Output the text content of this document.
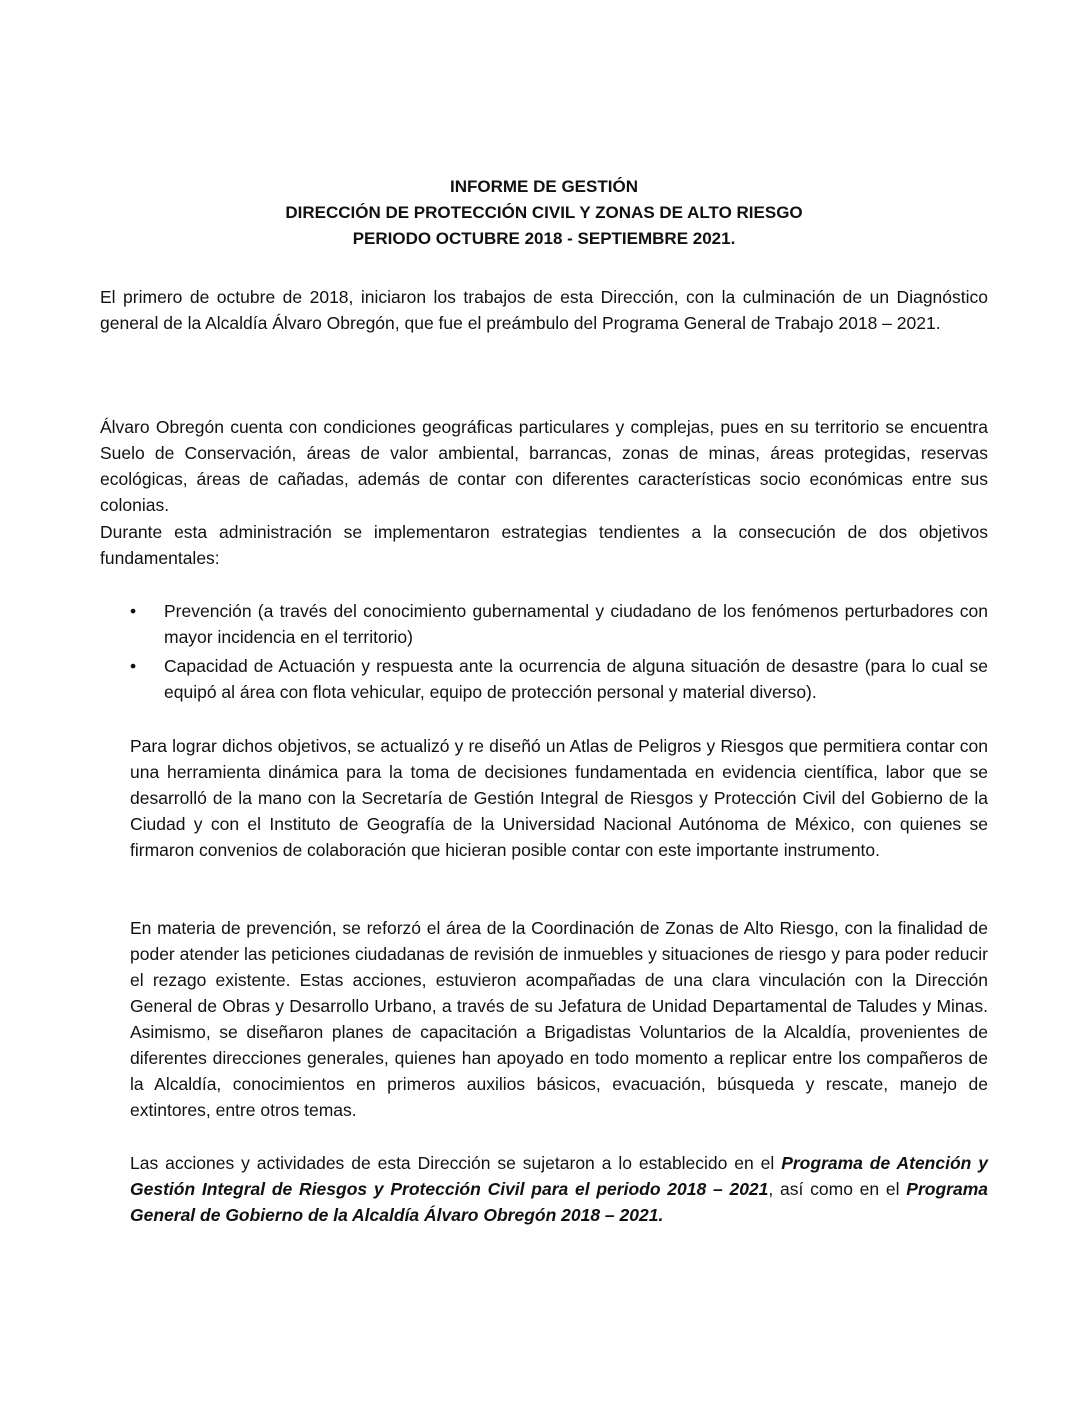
INFORME DE GESTIÓN
DIRECCIÓN DE PROTECCIÓN CIVIL Y ZONAS DE ALTO RIESGO
PERIODO OCTUBRE 2018 - SEPTIEMBRE 2021.

El primero de octubre de 2018, iniciaron los trabajos de esta Dirección, con la culminación de un Diagnóstico general de la Alcaldía Álvaro Obregón, que fue el preámbulo del Programa General de Trabajo 2018 – 2021.

Álvaro Obregón cuenta con condiciones geográficas particulares y complejas, pues en su territorio se encuentra Suelo de Conservación, áreas de valor ambiental, barrancas, zonas de minas, áreas protegidas, reservas ecológicas, áreas de cañadas, además de contar con diferentes características socio económicas entre sus colonias.

Durante esta administración se implementaron estrategias tendientes a la consecución de dos objetivos fundamentales:

• Prevención (a través del conocimiento gubernamental y ciudadano de los fenómenos perturbadores con mayor incidencia en el territorio)
• Capacidad de Actuación y respuesta ante la ocurrencia de alguna situación de desastre (para lo cual se equipó al área con flota vehicular, equipo de protección personal y material diverso).

Para lograr dichos objetivos, se actualizó y re diseñó un Atlas de Peligros y Riesgos que permitiera contar con una herramienta dinámica para la toma de decisiones fundamentada en evidencia científica, labor que se desarrolló de la mano con la Secretaría de Gestión Integral de Riesgos y Protección Civil del Gobierno de la Ciudad y con el Instituto de Geografía de la Universidad Nacional Autónoma de México, con quienes se firmaron convenios de colaboración que hicieran posible contar con este importante instrumento.

En materia de prevención, se reforzó el área de la Coordinación de Zonas de Alto Riesgo, con la finalidad de poder atender las peticiones ciudadanas de revisión de inmuebles y situaciones de riesgo y para poder reducir el rezago existente. Estas acciones, estuvieron acompañadas de una clara vinculación con la Dirección General de Obras y Desarrollo Urbano, a través de su Jefatura de Unidad Departamental de Taludes y Minas. Asimismo, se diseñaron planes de capacitación a Brigadistas Voluntarios de la Alcaldía, provenientes de diferentes direcciones generales, quienes han apoyado en todo momento a replicar entre los compañeros de la Alcaldía, conocimientos en primeros auxilios básicos, evacuación, búsqueda y rescate, manejo de extintores, entre otros temas.

Las acciones y actividades de esta Dirección se sujetaron a lo establecido en el Programa de Atención y Gestión Integral de Riesgos y Protección Civil para el periodo 2018 – 2021, así como en el Programa General de Gobierno de la Alcaldía Álvaro Obregón 2018 – 2021.
